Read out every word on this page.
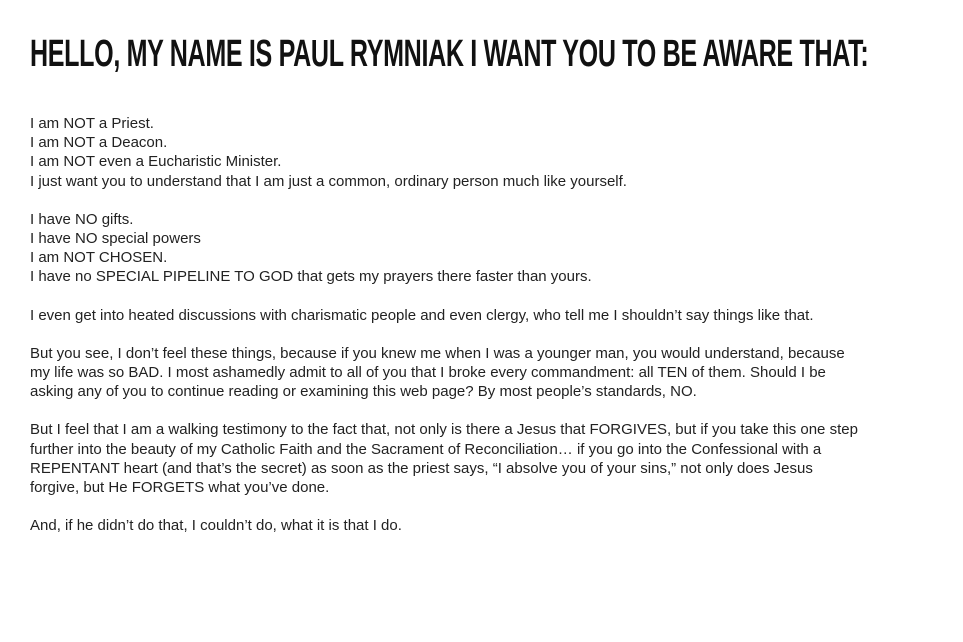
HELLO, MY NAME IS PAUL RYMNIAK I WANT YOU TO BE AWARE THAT:

I am NOT a Priest.
I am NOT a Deacon.
I am NOT even a Eucharistic Minister.
I just want you to understand that I am just a common, ordinary person much like yourself.

I have NO gifts.
I have NO special powers
I am NOT CHOSEN.
I have no SPECIAL PIPELINE TO GOD that gets my prayers there faster than yours.

I even get into heated discussions with charismatic people and even clergy, who tell me I shouldn’t say things like that.

But you see, I don’t feel these things, because if you knew me when I was a younger man, you would understand, because
my life was so BAD. I most ashamedly admit to all of you that I broke every commandment: all TEN of them. Should I be
asking any of you to continue reading or examining this web page? By most people’s standards, NO.

But I feel that I am a walking testimony to the fact that, not only is there a Jesus that FORGIVES, but if you take this one step
further into the beauty of my Catholic Faith and the Sacrament of Reconciliation… if you go into the Confessional with a
REPENTANT heart (and that’s the secret) as soon as the priest says, “I absolve you of your sins,” not only does Jesus
forgive, but He FORGETS what you’ve done.

And, if he didn’t do that, I couldn’t do, what it is that I do.
